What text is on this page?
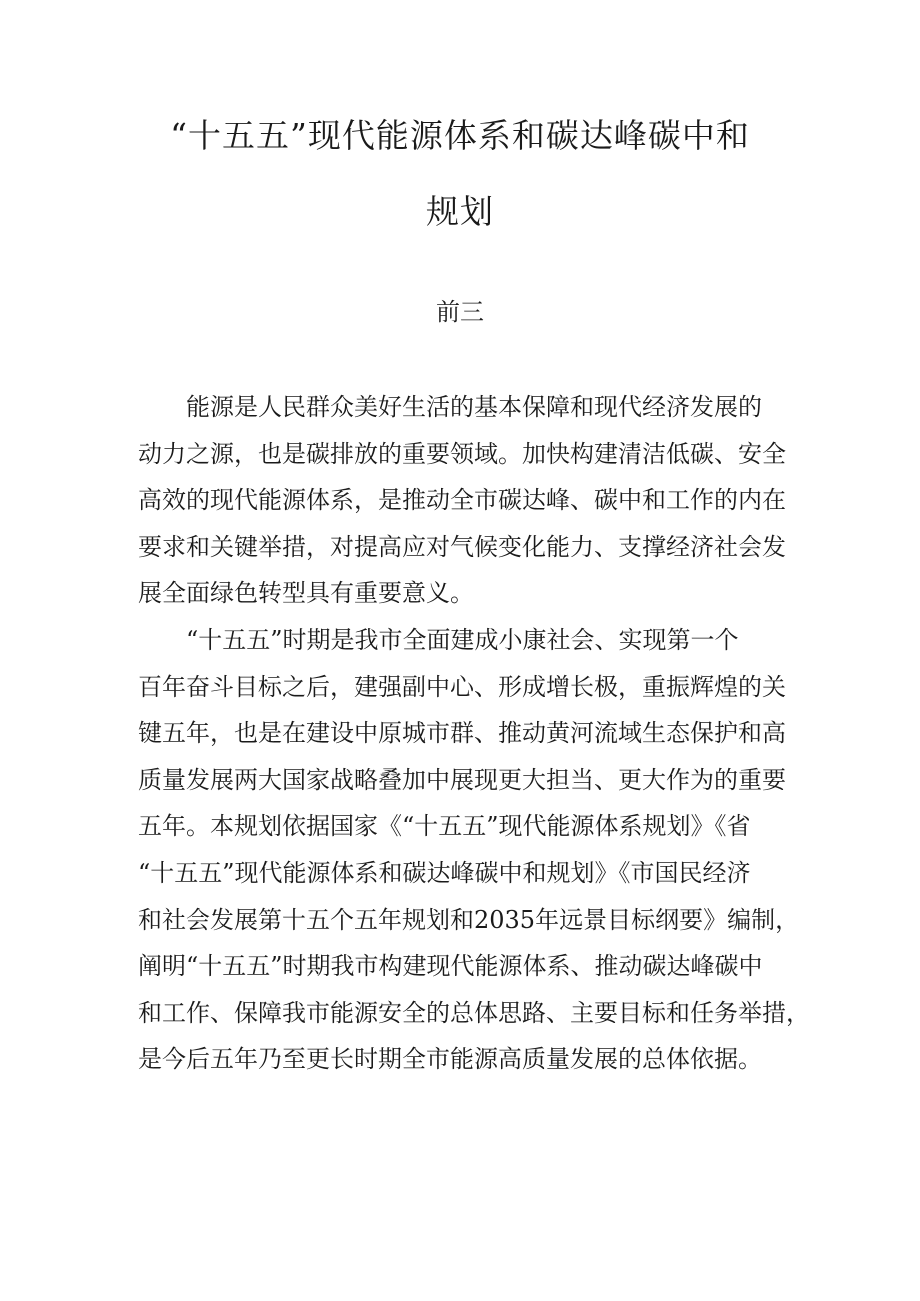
“十五五”现代能源体系和碳达峰碳中和
规划
前三
能源是人民群众美好生活的基本保障和现代经济发展的
动力之源，也是碳排放的重要领域。加快构建清洁低碳、安全
高效的现代能源体系，是推动全市碳达峰、碳中和工作的内在
要求和关键举措，对提高应对气候变化能力、支撑经济社会发
展全面绿色转型具有重要意义。
“十五五”时期是我市全面建成小康社会、实现第一个
百年奋斗目标之后，建强副中心、形成增长极，重振辉煌的关
键五年，也是在建设中原城市群、推动黄河流域生态保护和高
质量发展两大国家战略叠加中展现更大担当、更大作为的重要
五年。本规划依据国家《“十五五”现代能源体系规划》《省
“十五五”现代能源体系和碳达峰碳中和规划》《市国民经济
和社会发展第十五个五年规划和2035年远景目标纲要》编制，
阐明“十五五”时期我市构建现代能源体系、推动碳达峰碳中
和工作、保障我市能源安全的总体思路、主要目标和任务举措，
是今后五年乃至更长时期全市能源高质量发展的总体依据。
